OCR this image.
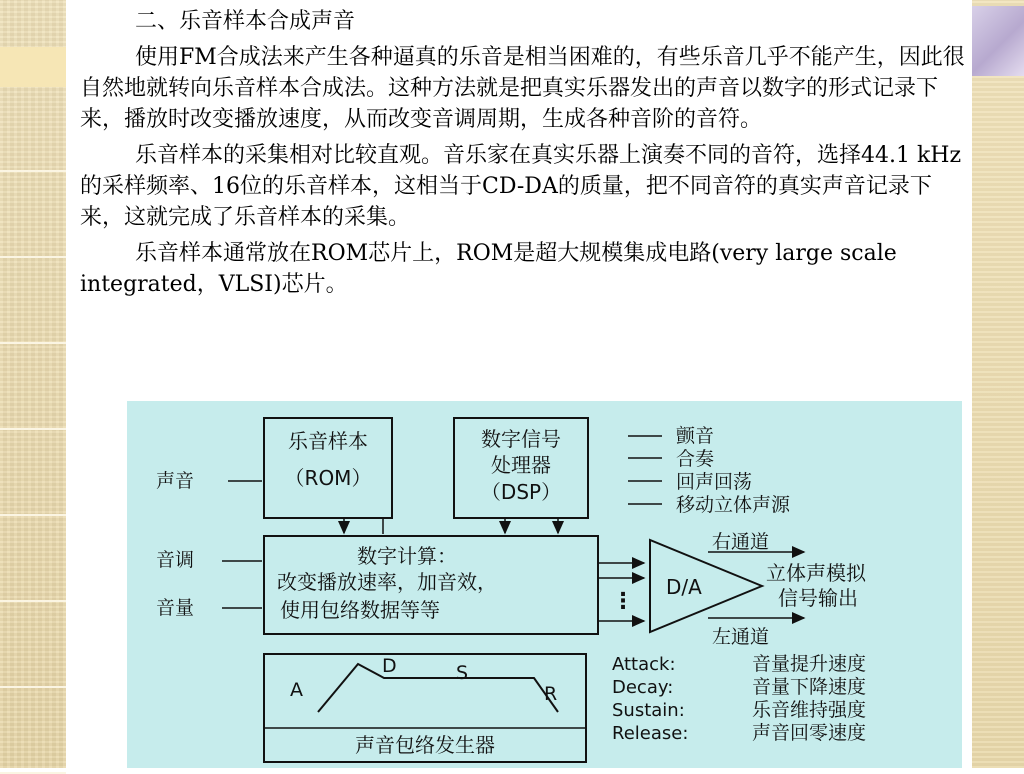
二、乐音样本合成声音

使用FM合成法来产生各种逼真的乐音是相当困难的，有些乐音几乎不能产生，因此很自然地就转向乐音样本合成法。这种方法就是把真实乐器发出的声音以数字的形式记录下来，播放时改变播放速度，从而改变音调周期，生成各种音阶的音符。

乐音样本的采集相对比较直观。音乐家在真实乐器上演奏不同的音符，选择44.1 kHz的采样频率、16位的乐音样本，这相当于CD-DA的质量，把不同音符的真实声音记录下来，这就完成了乐音样本的采集。

乐音样本通常放在ROM芯片上，ROM是超大规模集成电路(very large scale integrated，VLSI)芯片。

乐音样本
（ROM）
数字信号
处理器
（DSP）
颤音
合奏
回声回荡
移动立体声源
声音
音调
音量
数字计算：
改变播放速率，加音效，
使用包络数据等等	⋮
D/A
右通道
左通道
立体声模拟
信号输出
A
D	S
R
声音包络发生器
Attack:
Decay:
Sustain:
Release:
音量提升速度
音量下降速度
乐音维持强度
声音回零速度
